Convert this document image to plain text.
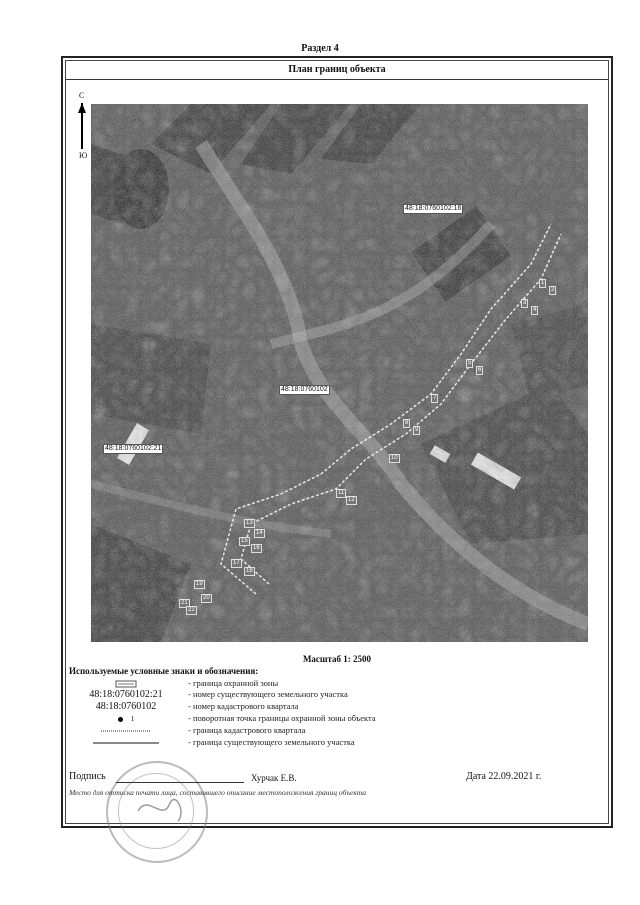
Раздел 4
План границ объекта
С
Ю
48:18:0760102:16
48:18:0760102
48:18:0760102:21
1
2
3
4
5
6
7
8
9
10
11
12
13
14
15
16
17
18
19
20
21
22
Масштаб 1: 2500
Используемые условные знаки и обозначения:
- граница охранной зоны
48:18:0760102:21	- номер существующего земельного участка
48:18:0760102	- номер кадастрового квартала
1	- поворотная точка границы охранной зоны объекта
- граница кадастрового квартала
- граница существующего земельного участка
Подпись	Хурчак Е.В.	Дата 22.09.2021 г.
Место для оттиска печати лица, составившего описание местоположения границ объекта
